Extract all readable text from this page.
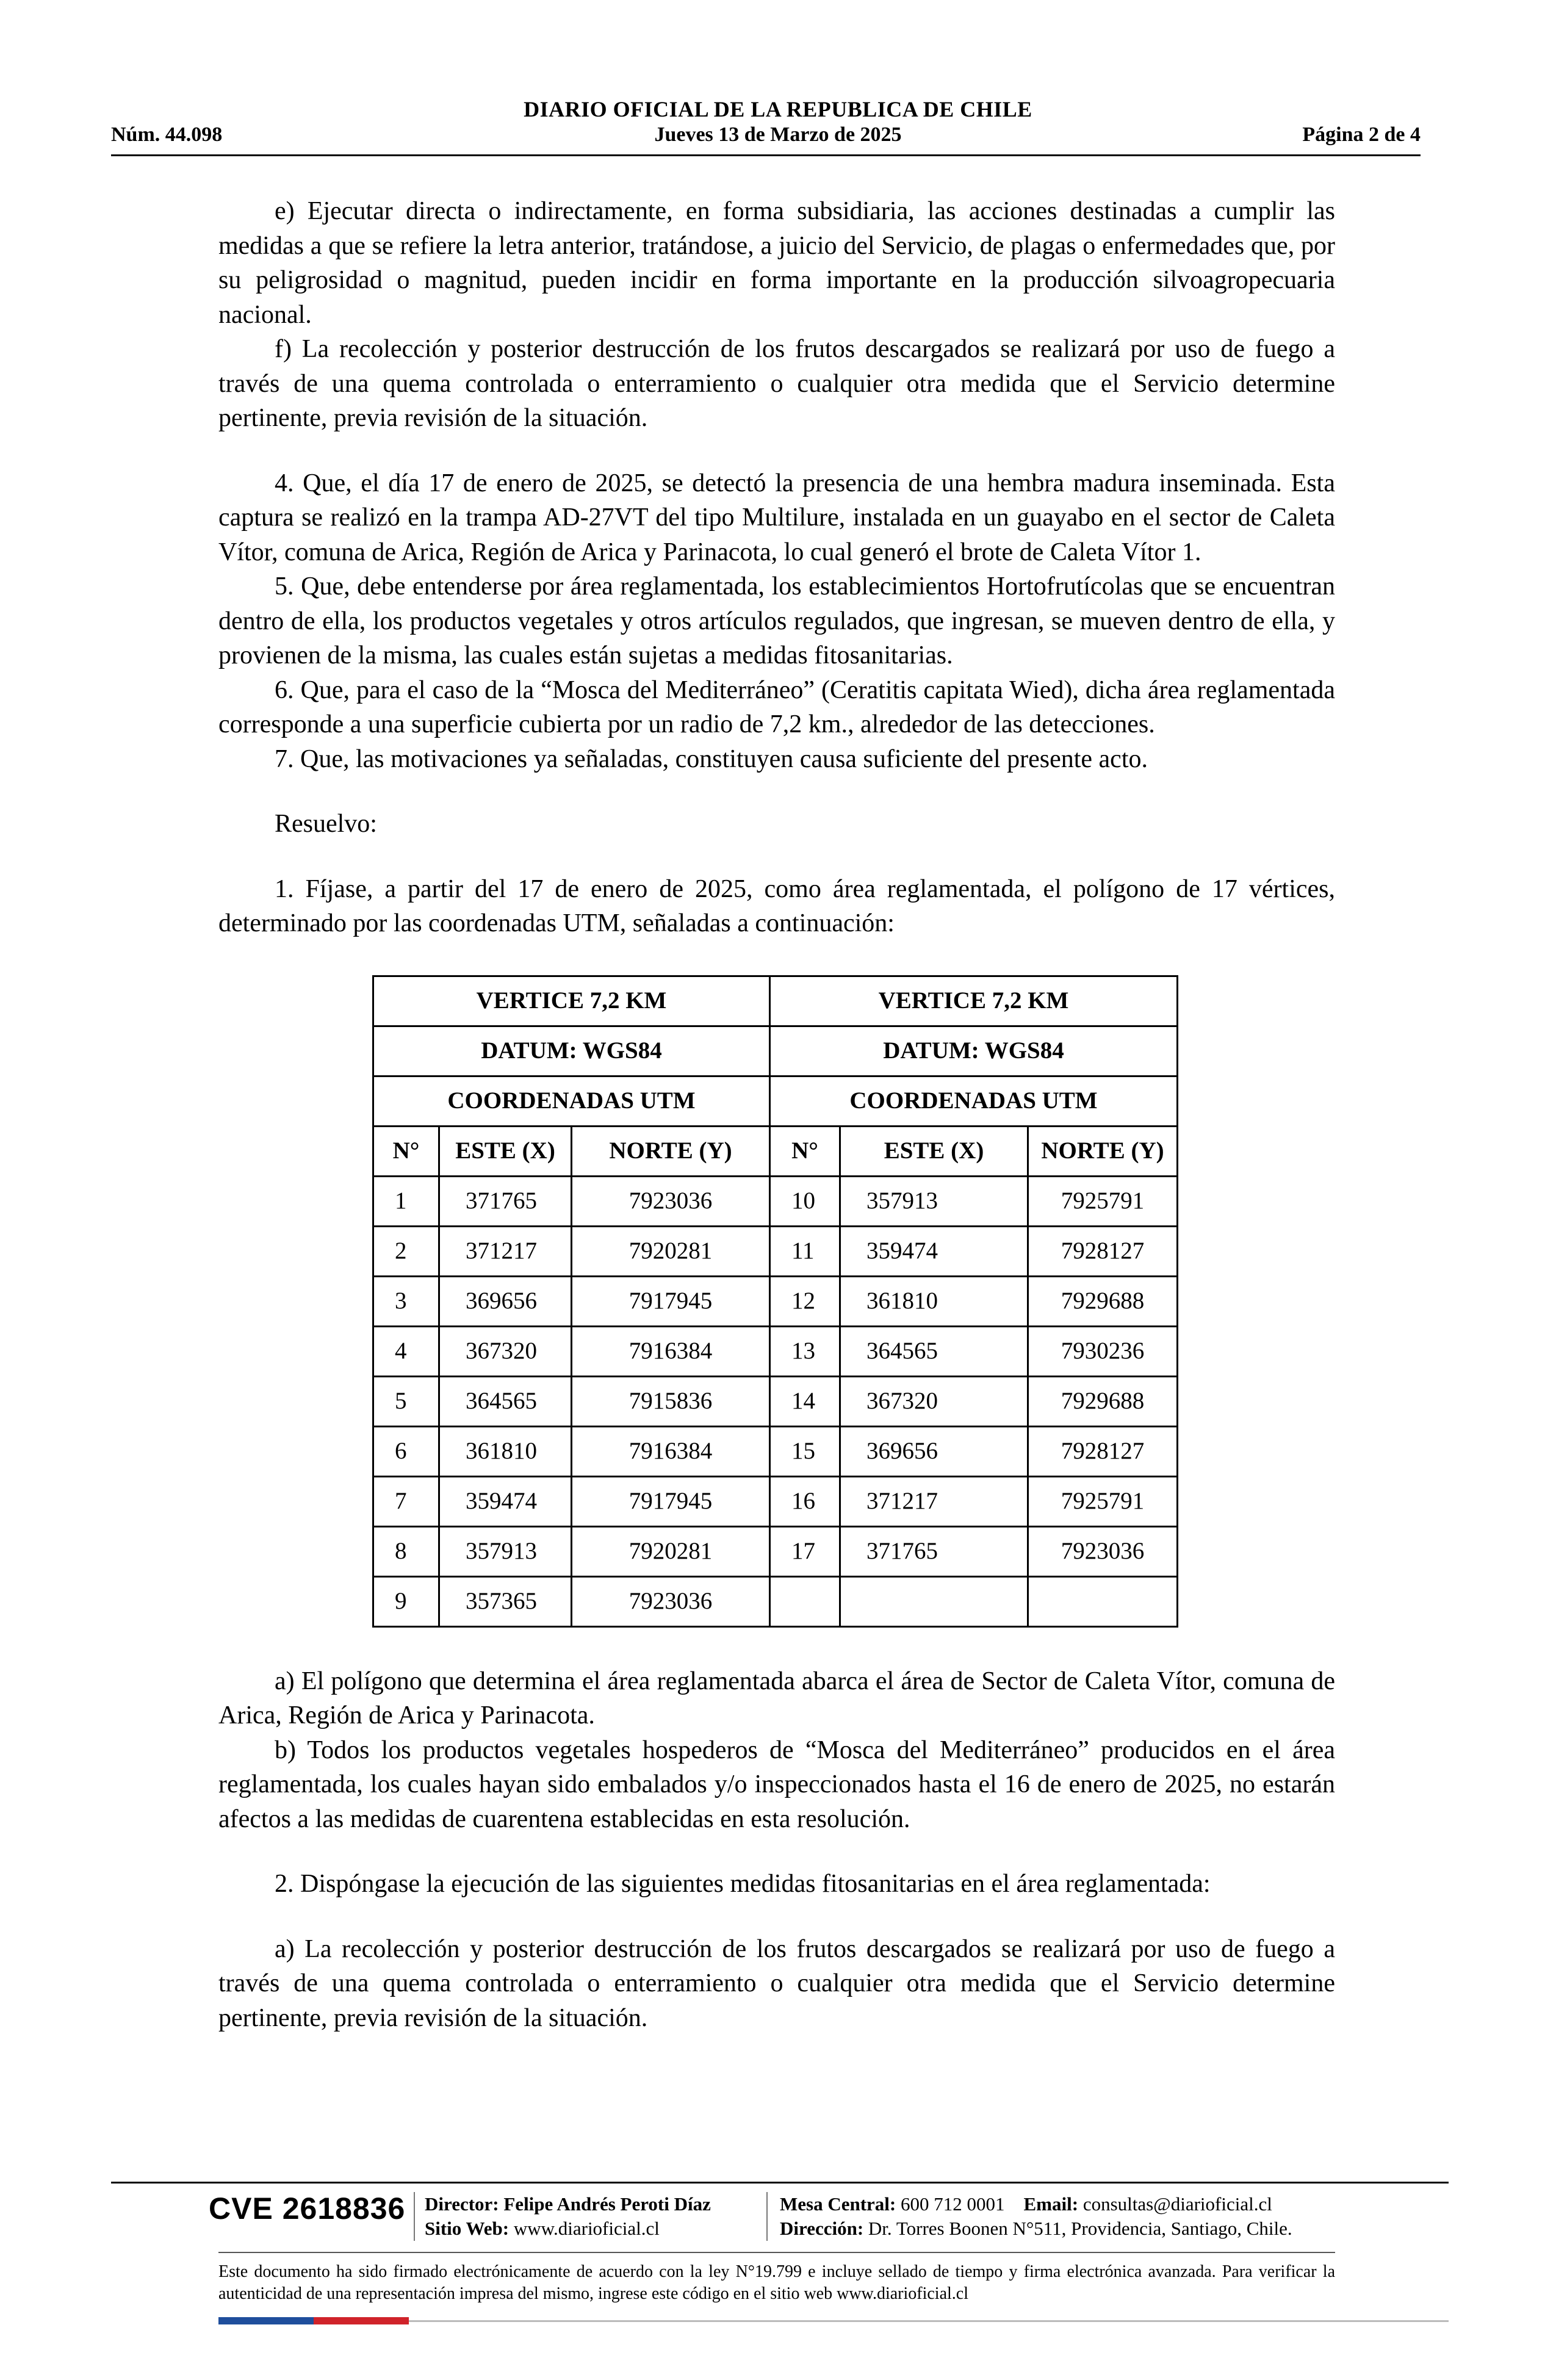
DIARIO OFICIAL DE LA REPUBLICA DE CHILE
Núm. 44.098	Jueves 13 de Marzo de 2025	Página 2 de 4

e) Ejecutar directa o indirectamente, en forma subsidiaria, las acciones destinadas a cumplir las medidas a que se refiere la letra anterior, tratándose, a juicio del Servicio, de plagas o enfermedades que, por su peligrosidad o magnitud, pueden incidir en forma importante en la producción silvoagropecuaria nacional.

f) La recolección y posterior destrucción de los frutos descargados se realizará por uso de fuego a través de una quema controlada o enterramiento o cualquier otra medida que el Servicio determine pertinente, previa revisión de la situación.

4. Que, el día 17 de enero de 2025, se detectó la presencia de una hembra madura inseminada. Esta captura se realizó en la trampa AD-27VT del tipo Multilure, instalada en un guayabo en el sector de Caleta Vítor, comuna de Arica, Región de Arica y Parinacota, lo cual generó el brote de Caleta Vítor 1.

5. Que, debe entenderse por área reglamentada, los establecimientos Hortofrutícolas que se encuentran dentro de ella, los productos vegetales y otros artículos regulados, que ingresan, se mueven dentro de ella, y provienen de la misma, las cuales están sujetas a medidas fitosanitarias.

6. Que, para el caso de la “Mosca del Mediterráneo” (Ceratitis capitata Wied), dicha área reglamentada corresponde a una superficie cubierta por un radio de 7,2 km., alrededor de las detecciones.

7. Que, las motivaciones ya señaladas, constituyen causa suficiente del presente acto.

Resuelvo:

1. Fíjase, a partir del 17 de enero de 2025, como área reglamentada, el polígono de 17 vértices, determinado por las coordenadas UTM, señaladas a continuación:

VERTICE 7,2 KM			VERTICE 7,2 KM		
DATUM: WGS84			DATUM: WGS84		
COORDENADAS UTM			COORDENADAS UTM		
N°	ESTE (X)	NORTE (Y)	N°	ESTE (X)	NORTE (Y)
1	371765	7923036	10	357913	7925791
2	371217	7920281	11	359474	7928127
3	369656	7917945	12	361810	7929688
4	367320	7916384	13	364565	7930236
5	364565	7915836	14	367320	7929688
6	361810	7916384	15	369656	7928127
7	359474	7917945	16	371217	7925791
8	357913	7920281	17	371765	7923036
9	357365	7923036			

a) El polígono que determina el área reglamentada abarca el área de Sector de Caleta Vítor, comuna de Arica, Región de Arica y Parinacota.

b) Todos los productos vegetales hospederos de “Mosca del Mediterráneo” producidos en el área reglamentada, los cuales hayan sido embalados y/o inspeccionados hasta el 16 de enero de 2025, no estarán afectos a las medidas de cuarentena establecidas en esta resolución.

2. Dispóngase la ejecución de las siguientes medidas fitosanitarias en el área reglamentada:

a) La recolección y posterior destrucción de los frutos descargados se realizará por uso de fuego a través de una quema controlada o enterramiento o cualquier otra medida que el Servicio determine pertinente, previa revisión de la situación.

CVE 2618836 Director: Felipe Andrés Peroti Díaz
Sitio Web: www.diarioficial.cl
Mesa Central: 600 712 0001 Email: consultas@diarioficial.cl
Dirección: Dr. Torres Boonen N°511, Providencia, Santiago, Chile.
Este documento ha sido firmado electrónicamente de acuerdo con la ley N°19.799 e incluye sellado de tiempo y firma electrónica avanzada. Para verificar la autenticidad de una representación impresa del mismo, ingrese este código en el sitio web www.diarioficial.cl
